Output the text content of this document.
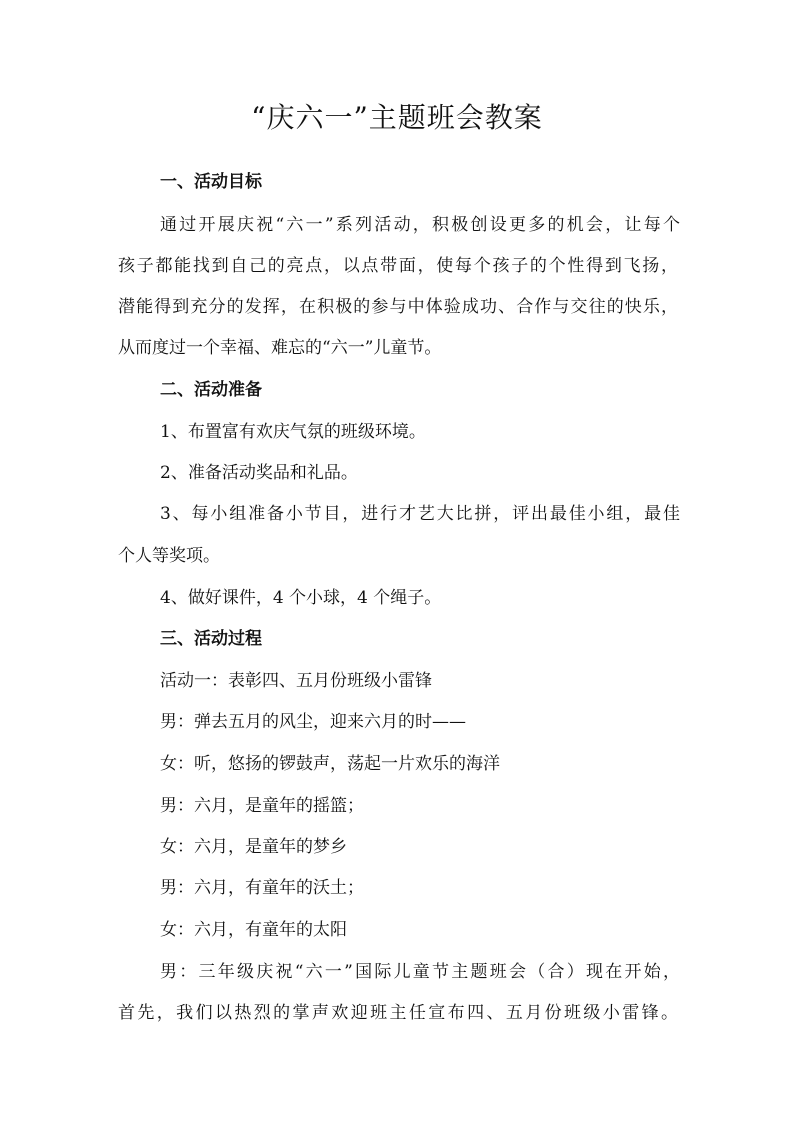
“庆六一”主题班会教案
一、活动目标
通过开展庆祝“六一”系列活动，积极创设更多的机会，让每个
孩子都能找到自己的亮点，以点带面，使每个孩子的个性得到飞扬，
潜能得到充分的发挥，在积极的参与中体验成功、合作与交往的快乐，
从而度过一个幸福、难忘的“六一”儿童节。
二、活动准备
1、布置富有欢庆气氛的班级环境。
2、准备活动奖品和礼品。
3、每小组准备小节目，进行才艺大比拼，评出最佳小组，最佳
个人等奖项。
4、做好课件，4 个小球，4 个绳子。
三、活动过程
活动一：表彰四、五月份班级小雷锋
男：弹去五月的风尘，迎来六月的时——
女：听，悠扬的锣鼓声，荡起一片欢乐的海洋
男：六月，是童年的摇篮；
女：六月，是童年的梦乡
男：六月，有童年的沃土；
女：六月，有童年的太阳
男：三年级庆祝“六一”国际儿童节主题班会（合）现在开始，
首先，我们以热烈的掌声欢迎班主任宣布四、五月份班级小雷锋。
